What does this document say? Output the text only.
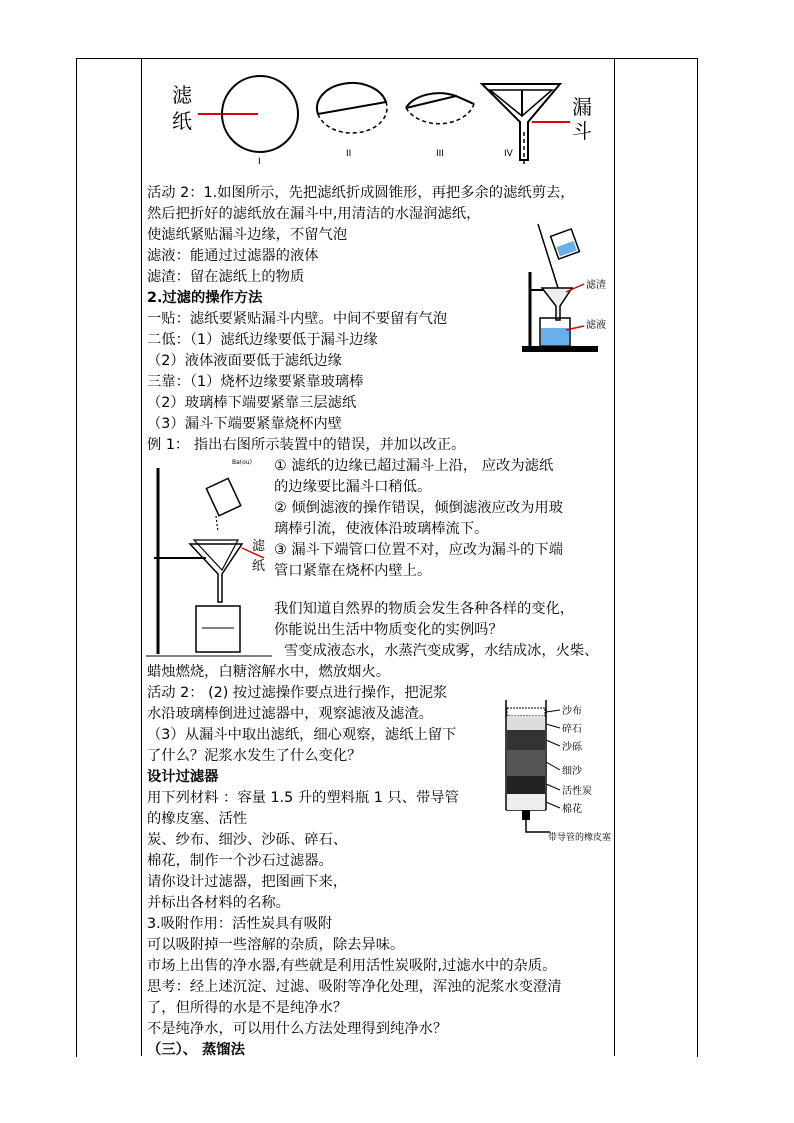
滤
纸
I
II	III	IV
漏
斗
滤渣
滤液
滤
纸
Ba(ou)
沙布
碎石
沙砾
细沙
活性炭
棉花
带导管的橡皮塞
活动 2：1.如图所示，先把滤纸折成圆锥形，再把多余的滤纸剪去，
然后把折好的滤纸放在漏斗中,用清洁的水湿润滤纸，
使滤纸紧贴漏斗边缘，不留气泡
滤液：能通过过滤器的液体
滤渣：留在滤纸上的物质
2.过滤的操作方法
一贴：滤纸要紧贴漏斗内壁。中间不要留有气泡
二低：（1）滤纸边缘要低于漏斗边缘
（2）液体液面要低于滤纸边缘
三靠：（1）烧杯边缘要紧靠玻璃棒
（2）玻璃棒下端要紧靠三层滤纸
（3）漏斗下端要紧靠烧杯内壁
例 1： 指出右图所示装置中的错误，并加以改正。
① 滤纸的边缘已超过漏斗上沿， 应改为滤纸
的边缘要比漏斗口稍低。
② 倾倒滤液的操作错误，倾倒滤液应改为用玻
璃棒引流，使液体沿玻璃棒流下。
③ 漏斗下端管口位置不对，应改为漏斗的下端
管口紧靠在烧杯内壁上。
我们知道自然界的物质会发生各种各样的变化，
你能说出生活中物质变化的实例吗？
雪变成液态水，水蒸汽变成雾，水结成冰，火柴、
蜡烛燃烧，白糖溶解水中，燃放烟火。
活动 2： (2) 按过滤操作要点进行操作，把泥浆
水沿玻璃棒倒进过滤器中，观察滤液及滤渣。
（3）从漏斗中取出滤纸，细心观察，滤纸上留下
了什么？泥浆水发生了什么变化？
设计过滤器
用下列材料 ：容量 1.5 升的塑料瓶 1 只、带导管
的橡皮塞、活性
炭、纱布、细沙、沙砾、碎石、
棉花，制作一个沙石过滤器。
请你设计过滤器，把图画下来，
并标出各材料的名称。
3.吸附作用：活性炭具有吸附
可以吸附掉一些溶解的杂质，除去异味。
市场上出售的净水器,有些就是利用活性炭吸附,过滤水中的杂质。
思考：经上述沉淀、过滤、吸附等净化处理，浑浊的泥浆水变澄清
了，但所得的水是不是纯净水？
不是纯净水，可以用什么方法处理得到纯净水？
（三）、 蒸馏法
